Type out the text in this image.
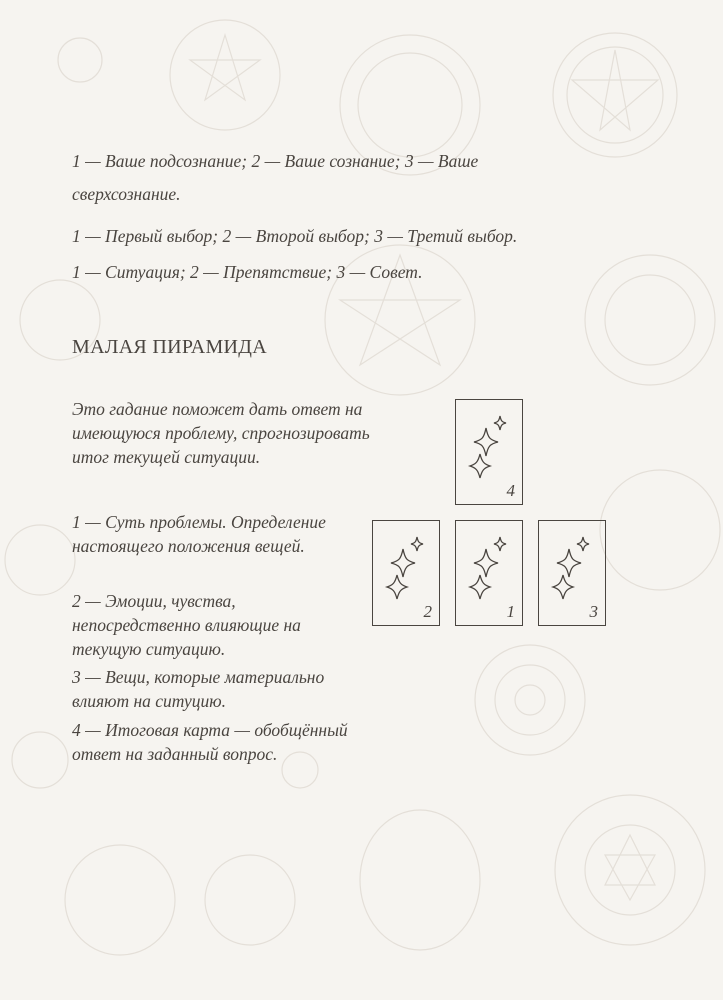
1 — Ваше подсознание; 2 — Ваше сознание; 3 — Ваше

сверхсознание.

1 — Первый выбор; 2 — Второй выбор; 3 — Третий выбор.

1 — Ситуация; 2 — Препятствие; 3 — Совет.

МАЛАЯ ПИРАМИДА

Это гадание поможет дать ответ на имеющуюся проблему, спрогнозировать итог текущей ситуации.

1 — Суть проблемы. Определение настоящего положения вещей.

2 — Эмоции, чувства, непосредственно влияющие на текущую ситуацию.

3 — Вещи, которые материально влияют на ситуцию.

4 — Итоговая карта — обобщённый ответ на заданный вопрос.

4
2	1	3
